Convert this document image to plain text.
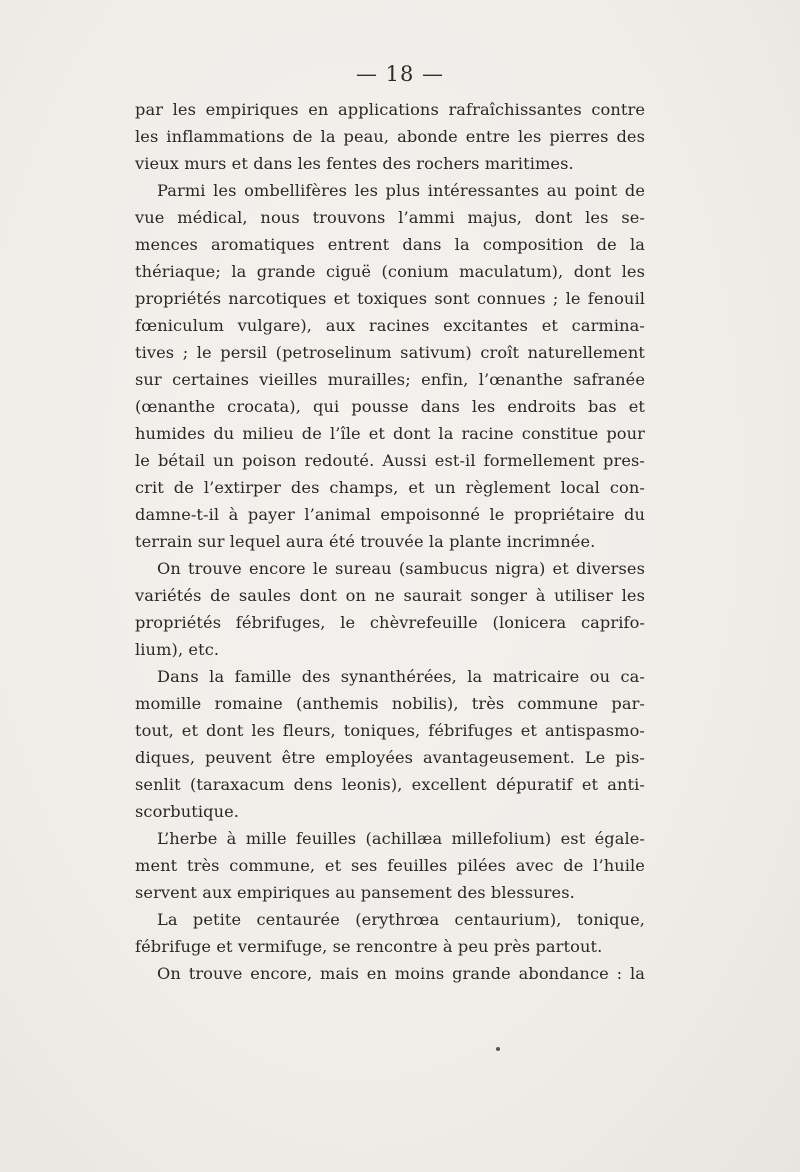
— 18 —
par les empiriques en applications rafraîchissantes contre
les inflammations de la peau, abonde entre les pierres des
vieux murs et dans les fentes des rochers maritimes.
Parmi les ombellifères les plus intéressantes au point de
vue médical, nous trouvons l’ammi majus, dont les se-
mences aromatiques entrent dans la composition de la
thériaque; la grande ciguë (conium maculatum), dont les
propriétés narcotiques et toxiques sont connues ; le fenouil
fœniculum vulgare), aux racines excitantes et carmina-
tives ; le persil (petroselinum sativum) croît naturellement
sur certaines vieilles murailles; enfin, l’œnanthe safranée
(œnanthe crocata), qui pousse dans les endroits bas et
humides du milieu de l’île et dont la racine constitue pour
le bétail un poison redouté. Aussi est-il formellement pres-
crit de l’extirper des champs, et un règlement local con-
damne-t-il à payer l’animal empoisonné le propriétaire du
terrain sur lequel aura été trouvée la plante incrimnée.
On trouve encore le sureau (sambucus nigra) et diverses
variétés de saules dont on ne saurait songer à utiliser les
propriétés fébrifuges, le chèvrefeuille (lonicera caprifo-
lium), etc.
Dans la famille des synanthérées, la matricaire ou ca-
momille romaine (anthemis nobilis), très commune par-
tout, et dont les fleurs, toniques, fébrifuges et antispasmo-
diques, peuvent être employées avantageusement. Le pis-
senlit (taraxacum dens leonis), excellent dépuratif et anti-
scorbutique.
L’herbe à mille feuilles (achillæa millefolium) est égale-
ment très commune, et ses feuilles pilées avec de l’huile
servent aux empiriques au pansement des blessures.
La petite centaurée (erythrœa centaurium), tonique,
fébrifuge et vermifuge, se rencontre à peu près partout.
On trouve encore, mais en moins grande abondance : la
